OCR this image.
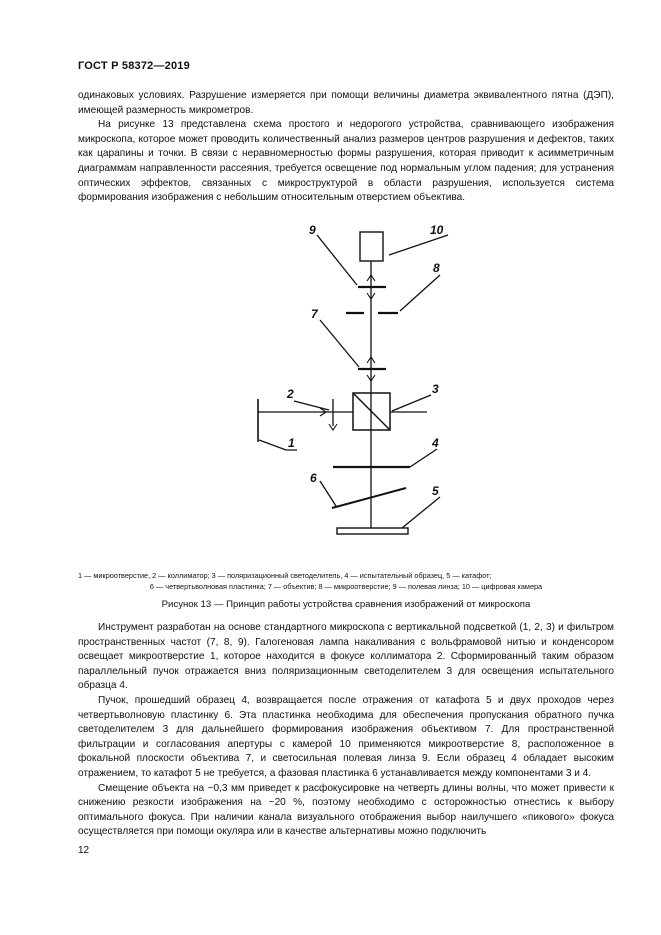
ГОСТ Р 58372—2019

одинаковых условиях. Разрушение измеряется при помощи величины диаметра эквивалентного пятна (ДЭП), имеющей размерность микрометров.

На рисунке 13 представлена схема простого и недорогого устройства, сравнивающего изображения микроскопа, которое может проводить количественный анализ размеров центров разрушения и дефектов, таких как царапины и точки. В связи с неравномерностью формы разрушения, которая приводит к асимметричным диаграммам направленности рассеяния, требуется освещение под нормальным углом падения; для устранения оптических эффектов, связанных с микроструктурой в области разрушения, используется система формирования изображения с небольшим относительным отверстием объектива.

9	10
8
7
2	3
1	4
6
5
1 — микроотверстие, 2 — коллиматор; 3 — поляризационный светоделитель, 4 — испытательный образец, 5 — катафот;
6 — четвертьволновая пластинка; 7 — объектив; 8 — микроотверстие; 9 — полевая линза; 10 — цифровая камера
Рисунок 13 — Принцип работы устройства сравнения изображений от микроскопа

Инструмент разработан на основе стандартного микроскопа с вертикальной подсветкой (1, 2, 3) и фильтром пространственных частот (7, 8, 9). Галогеновая лампа накаливания с вольфрамовой нитью и конденсором освещает микроотверстие 1, которое находится в фокусе коллиматора 2. Сформированный таким образом параллельный пучок отражается вниз поляризационным светоделителем 3 для освещения испытательного образца 4.

Пучок, прошедший образец 4, возвращается после отражения от катафота 5 и двух проходов через четвертьволновую пластинку 6. Эта пластинка необходима для обеспечения пропускания обратного пучка светоделителем 3 для дальнейшего формирования изображения объективом 7. Для пространственной фильтрации и согласования апертуры с камерой 10 применяются микроотверстие 8, расположенное в фокальной плоскости объектива 7, и светосильная полевая линза 9. Если образец 4 обладает высоким отражением, то катафот 5 не требуется, а фазовая пластинка 6 устанавливается между компонентами 3 и 4.

Смещение объекта на ~0,3 мм приведет к расфокусировке на четверть длины волны, что может привести к снижению резкости изображения на ~20 %, поэтому необходимо с осторожностью отнестись к выбору оптимального фокуса. При наличии канала визуального отображения выбор наилучшего «пикового» фокуса осуществляется при помощи окуляра или в качестве альтернативы можно подключить

12
